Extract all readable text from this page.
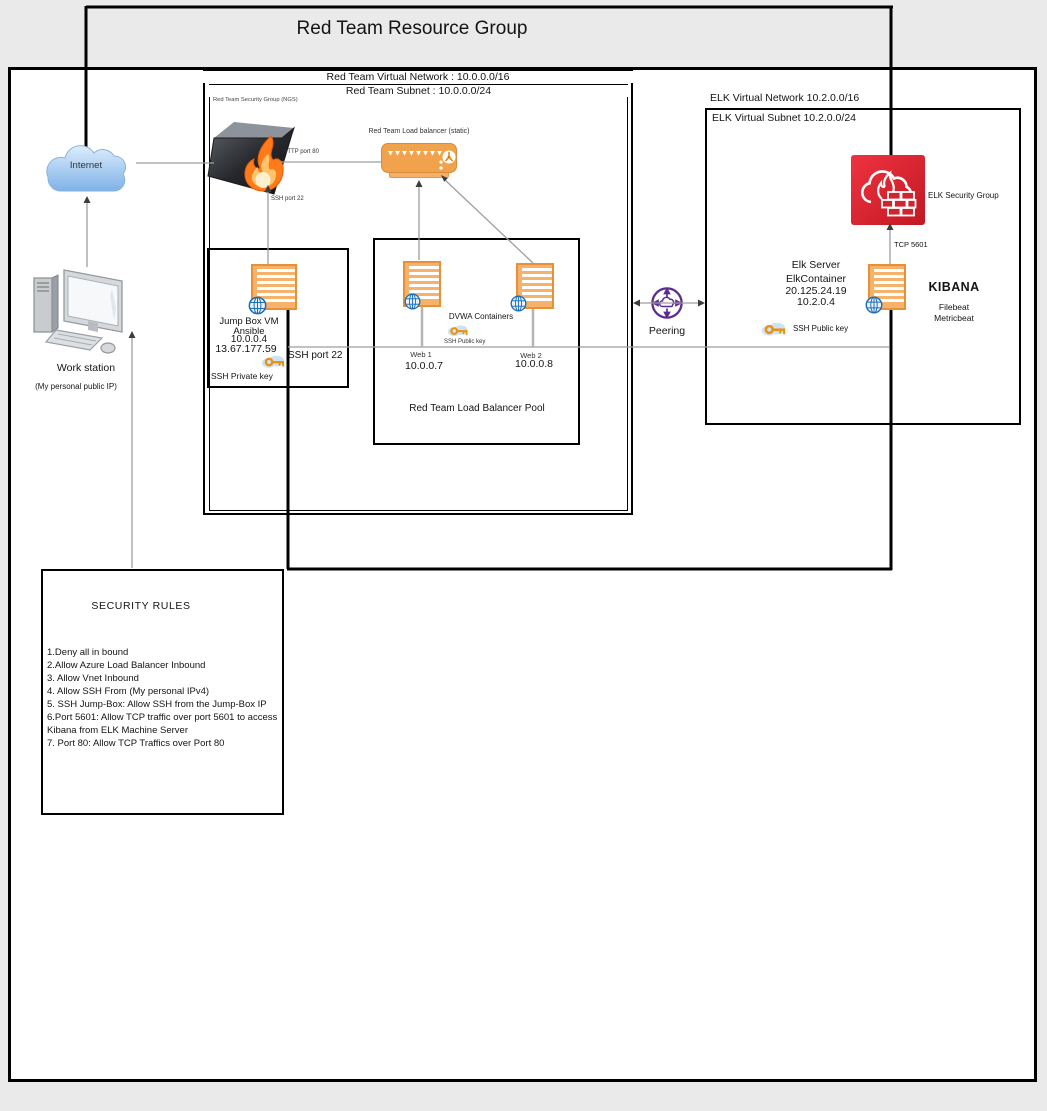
Internet
Work station
(My personal public IP)
Red Team Security Group (NGS)
Red Team Load balancer (static)
Jump Box VM
Ansible
10.0.0.4
13.67.177.59
SSH port 22
SSH Private key
DVWA Containers
SSH Public key
Web 1
10.0.0.7
Web 2
10.0.0.8
Red Team Load Balancer Pool
Peering
ELK Security Group
TCP 5601
Elk Server
ElkContainer
20.125.24.19
10.2.0.4
KIBANA
Filebeat
Metricbeat
SSH Public key
Red Team Resource Group
Red Team Virtual Network : 10.0.0.0/16
Red Team Subnet : 10.0.0.0/24
ELK Virtual Network 10.2.0.0/16
ELK Virtual Subnet 10.2.0.0/24
HTTP port 80
SSH port 22
SECURITY RULES
1.Deny all in bound
2.Allow Azure Load Balancer Inbound
3. Allow Vnet Inbound
4. Allow SSH From (My personal IPv4)
5. SSH Jump-Box: Allow SSH from the Jump-Box IP
6.Port 5601: Allow TCP traffic over port 5601 to access
Kibana from ELK Machine Server
7. Port 80: Allow TCP Traffics over Port 80
